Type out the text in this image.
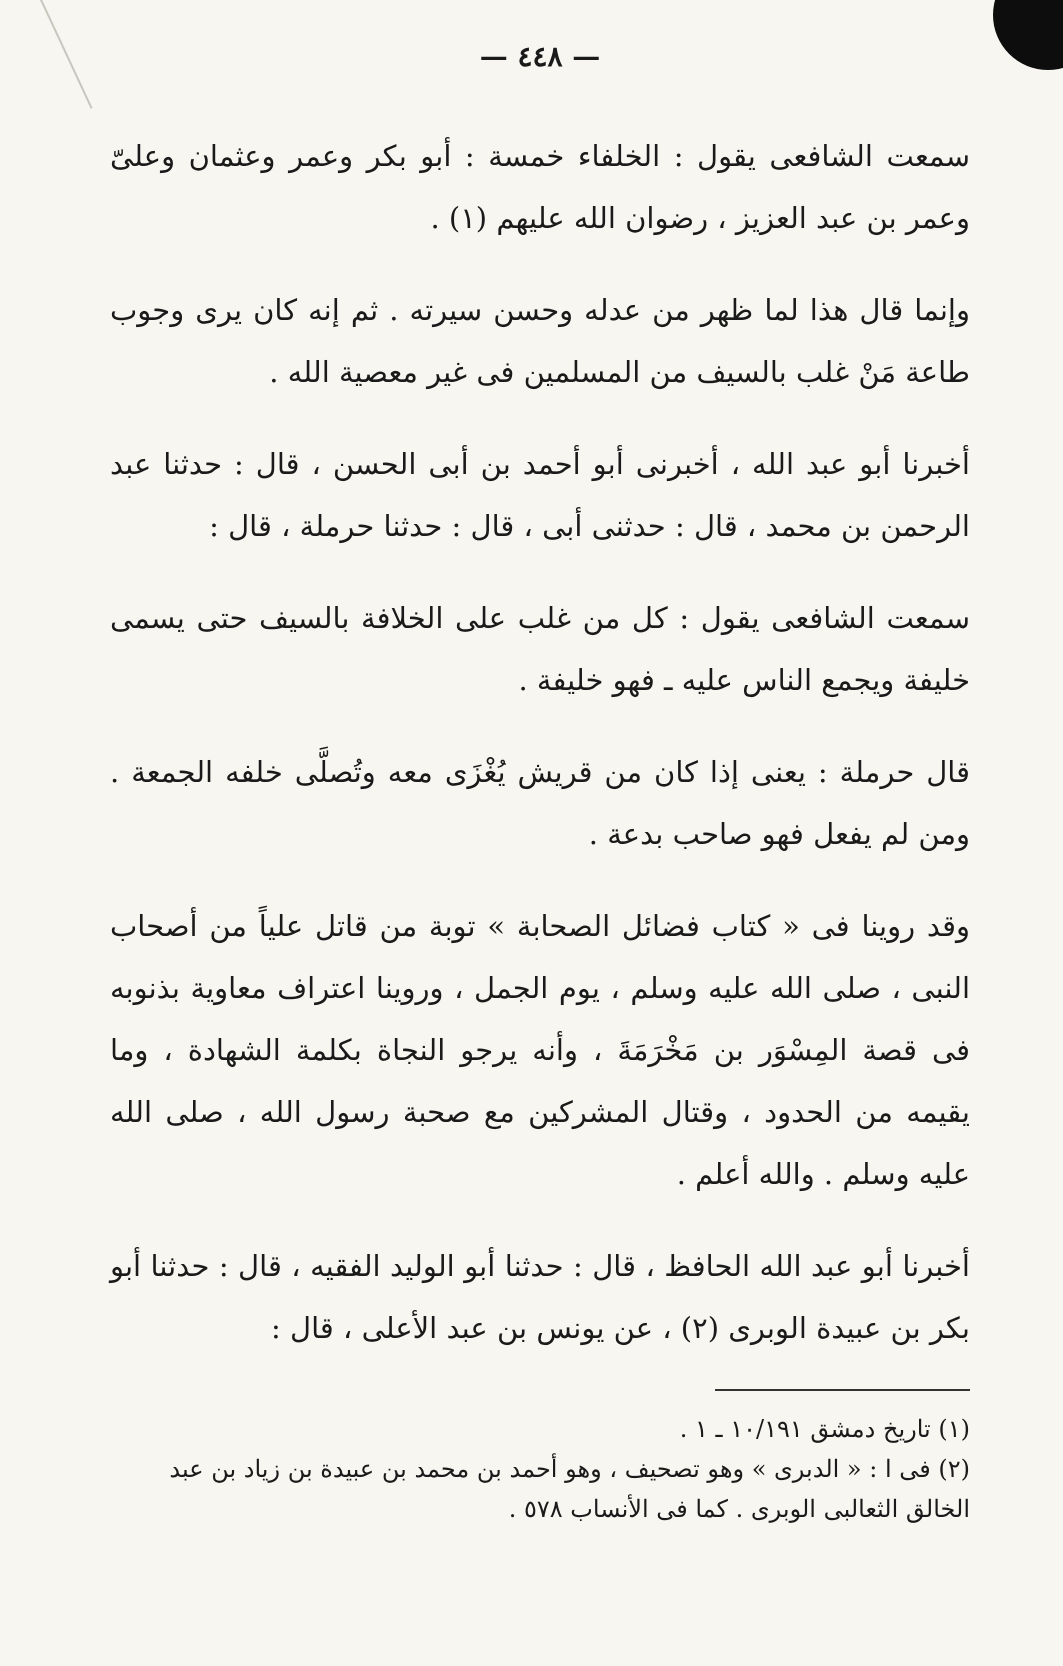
— ٤٤٨ —

سمعت الشافعى يقول : الخلفاء خمسة : أبو بكر وعمر وعثمان وعلىّ وعمر بن عبد العزيز ، رضوان الله عليهم (١) .

وإنما قال هذا لما ظهر من عدله وحسن سيرته . ثم إنه كان يرى وجوب طاعة مَنْ غلب بالسيف من المسلمين فى غير معصية الله .

أخبرنا أبو عبد الله ، أخبرنى أبو أحمد بن أبى الحسن ، قال : حدثنا عبد الرحمن بن محمد ، قال : حدثنى أبى ، قال : حدثنا حرملة ، قال :

سمعت الشافعى يقول : كل من غلب على الخلافة بالسيف حتى يسمى خليفة ويجمع الناس عليه ـ فهو خليفة .

قال حرملة : يعنى إذا كان من قريش يُغْزَى معه وتُصلَّى خلفه الجمعة . ومن لم يفعل فهو صاحب بدعة .

وقد روينا فى « كتاب فضائل الصحابة » توبة من قاتل علياً من أصحاب النبى ، صلى الله عليه وسلم ، يوم الجمل ، وروينا اعتراف معاوية بذنوبه فى قصة المِسْوَر بن مَخْرَمَةَ ، وأنه يرجو النجاة بكلمة الشهادة ، وما يقيمه من الحدود ، وقتال المشركين مع صحبة رسول الله ، صلى الله عليه وسلم . والله أعلم .

أخبرنا أبو عبد الله الحافظ ، قال : حدثنا أبو الوليد الفقيه ، قال : حدثنا أبو بكر بن عبيدة الوبرى (٢) ، عن يونس بن عبد الأعلى ، قال :

(١) تاريخ دمشق ١٠/١٩١ ـ ١ .

(٢) فى ا : « الدبرى » وهو تصحيف ، وهو أحمد بن محمد بن عبيدة بن زياد بن عبد الخالق الثعالبى الوبرى . كما فى الأنساب ٥٧٨ .
